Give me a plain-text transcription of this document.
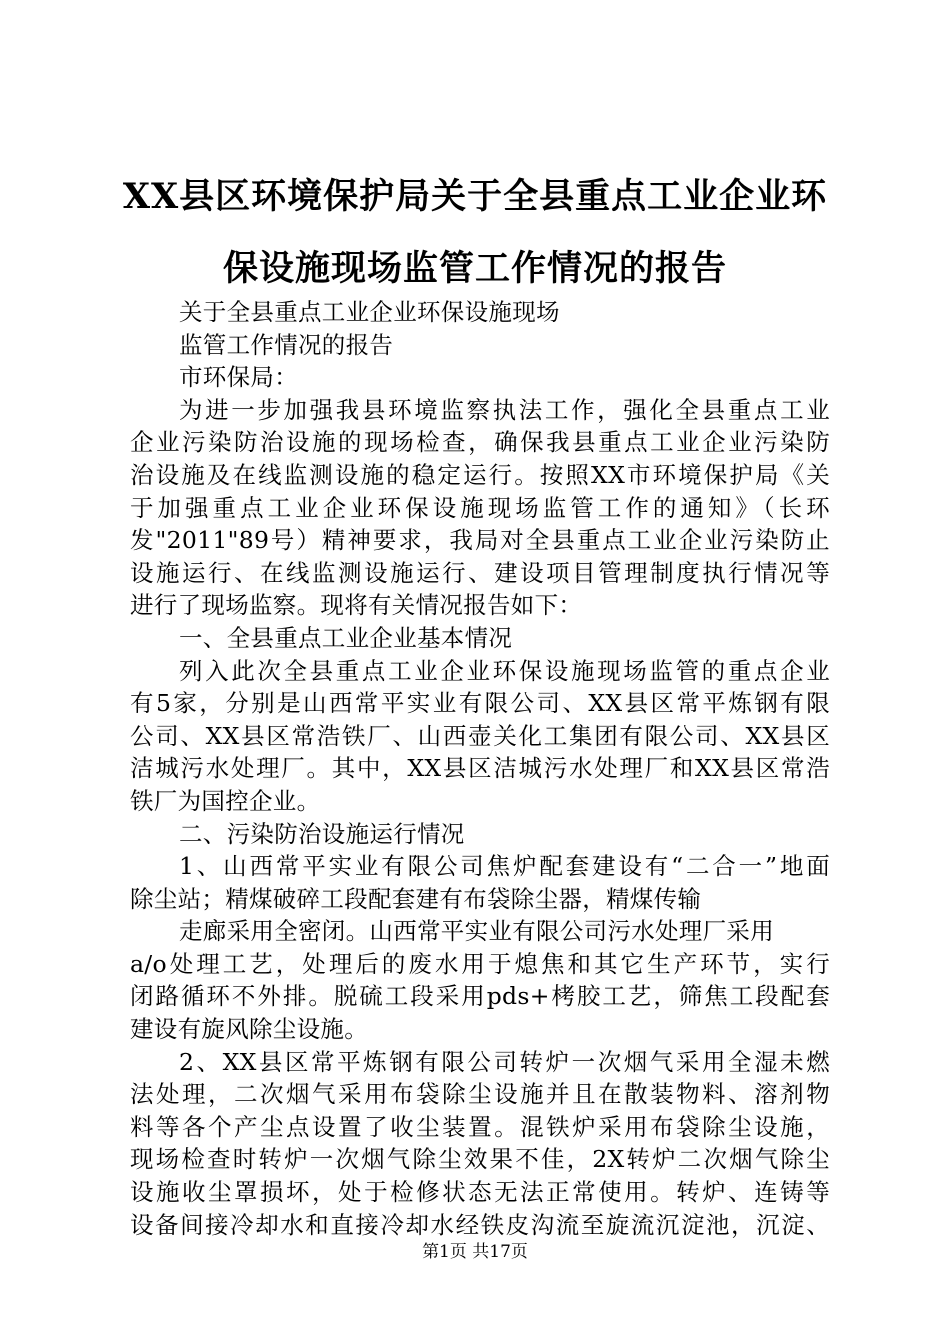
XX县区环境保护局关于全县重点工业企业环
保设施现场监管工作情况的报告
关于全县重点工业企业环保设施现场
监管工作情况的报告
市环保局：
为进一步加强我县环境监察执法工作，强化全县重点工业
企业污染防治设施的现场检查，确保我县重点工业企业污染防
治设施及在线监测设施的稳定运行。按照XX市环境保护局《关
于加强重点工业企业环保设施现场监管工作的通知》（长环
发"2011"89号）精神要求，我局对全县重点工业企业污染防止
设施运行、在线监测设施运行、建设项目管理制度执行情况等
进行了现场监察。现将有关情况报告如下：
一、全县重点工业企业基本情况
列入此次全县重点工业企业环保设施现场监管的重点企业
有5家，分别是山西常平实业有限公司、XX县区常平炼钢有限
公司、XX县区常浩铁厂、山西壶关化工集团有限公司、XX县区
洁城污水处理厂。其中，XX县区洁城污水处理厂和XX县区常浩
铁厂为国控企业。
二、污染防治设施运行情况
1、山西常平实业有限公司焦炉配套建设有“二合一”地面
除尘站；精煤破碎工段配套建有布袋除尘器，精煤传输
走廊采用全密闭。山西常平实业有限公司污水处理厂采用
a/o处理工艺，处理后的废水用于熄焦和其它生产环节，实行
闭路循环不外排。脱硫工段采用pds+栲胶工艺，筛焦工段配套
建设有旋风除尘设施。
2、XX县区常平炼钢有限公司转炉一次烟气采用全湿未燃
法处理，二次烟气采用布袋除尘设施并且在散装物料、溶剂物
料等各个产尘点设置了收尘装置。混铁炉采用布袋除尘设施，
现场检查时转炉一次烟气除尘效果不佳，2X转炉二次烟气除尘
设施收尘罩损坏，处于检修状态无法正常使用。转炉、连铸等
设备间接冷却水和直接冷却水经铁皮沟流至旋流沉淀池，沉淀、
第1页 共17页
